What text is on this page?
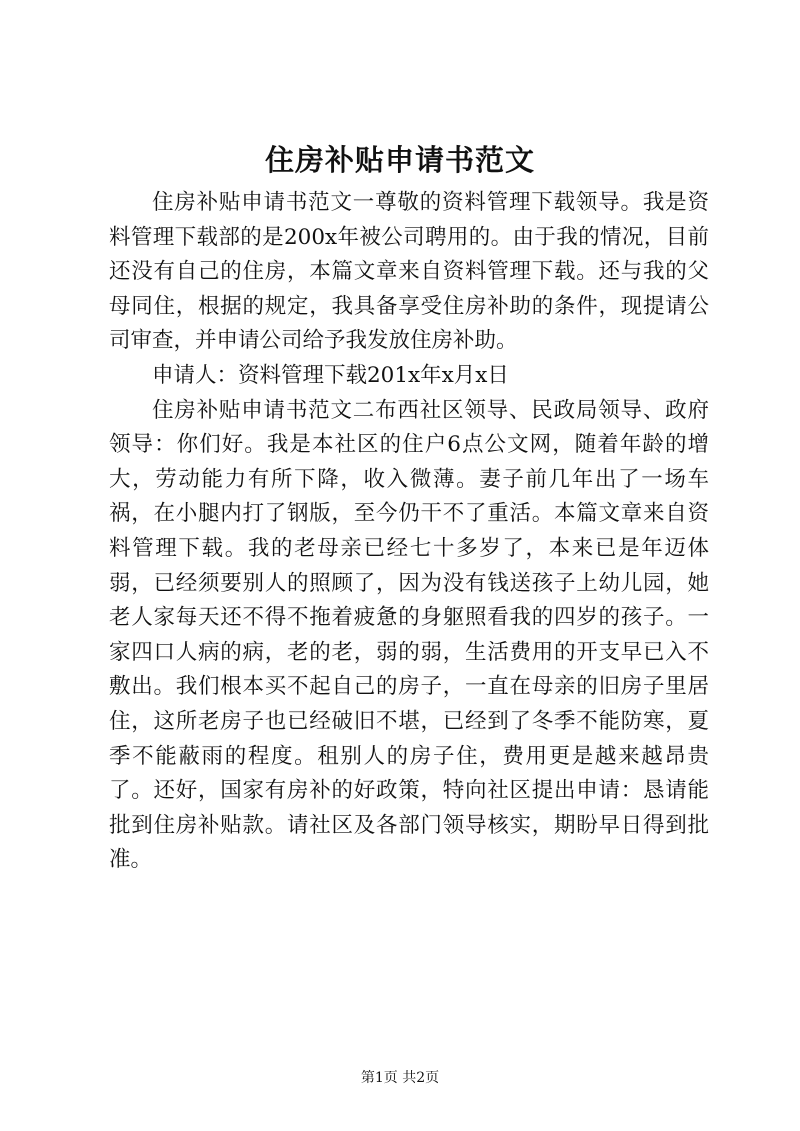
住房补贴申请书范文

住房补贴申请书范文一尊敬的资料管理下载领导。我是资料管理下载部的是200x年被公司聘用的。由于我的情况，目前还没有自己的住房，本篇文章来自资料管理下载。还与我的父母同住，根据的规定，我具备享受住房补助的条件，现提请公司审查，并申请公司给予我发放住房补助。

申请人：资料管理下载201x年x月x日

住房补贴申请书范文二布西社区领导、民政局领导、政府领导：你们好。我是本社区的住户6点公文网，随着年龄的增大，劳动能力有所下降，收入微薄。妻子前几年出了一场车祸，在小腿内打了钢版，至今仍干不了重活。本篇文章来自资料管理下载。我的老母亲已经七十多岁了，本来已是年迈体弱，已经须要别人的照顾了，因为没有钱送孩子上幼儿园，她老人家每天还不得不拖着疲惫的身躯照看我的四岁的孩子。一家四口人病的病，老的老，弱的弱，生活费用的开支早已入不敷出。我们根本买不起自己的房子，一直在母亲的旧房子里居住，这所老房子也已经破旧不堪，已经到了冬季不能防寒，夏季不能蔽雨的程度。租别人的房子住，费用更是越来越昂贵了。还好，国家有房补的好政策，特向社区提出申请：恳请能批到住房补贴款。请社区及各部门领导核实，期盼早日得到批准。

第1页 共2页
